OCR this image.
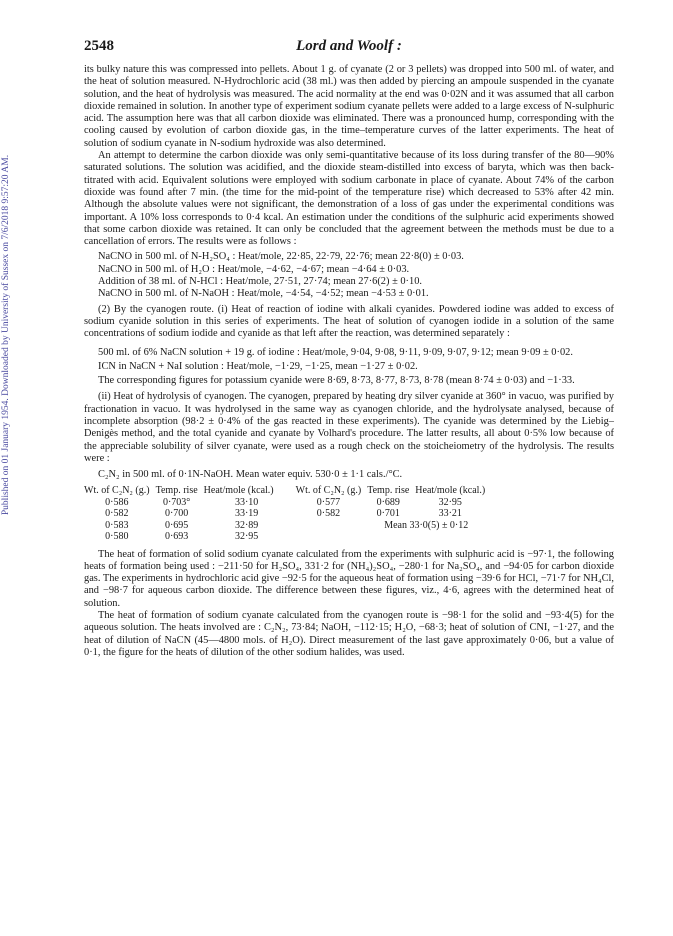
Published on 01 January 1954. Downloaded by University of Sussex on 7/6/2018 9:57:20 AM.
2548	Lord and Woolf :

its bulky nature this was compressed into pellets. About 1 g. of cyanate (2 or 3 pellets) was dropped into 500 ml. of water, and the heat of solution measured. N-Hydrochloric acid (38 ml.) was then added by piercing an ampoule suspended in the cyanate solution, and the heat of hydrolysis was measured. The acid normality at the end was 0·02N and it was assumed that all carbon dioxide remained in solution. In another type of experiment sodium cyanate pellets were added to a large excess of N-sulphuric acid. The assumption here was that all carbon dioxide was eliminated. There was a pronounced hump, corresponding with the cooling caused by evolution of carbon dioxide gas, in the time–temperature curves of the latter experiments. The heat of solution of sodium cyanate in N-sodium hydroxide was also determined.

An attempt to determine the carbon dioxide was only semi-quantitative because of its loss during transfer of the 80—90% saturated solutions. The solution was acidified, and the dioxide steam-distilled into excess of baryta, which was then back-titrated with acid. Equivalent solutions were employed with sodium carbonate in place of cyanate. About 74% of the carbon dioxide was found after 7 min. (the time for the mid-point of the temperature rise) which decreased to 53% after 42 min. Although the absolute values were not significant, the demonstration of a loss of gas under the experimental conditions was important. A 10% loss corresponds to 0·4 kcal. An estimation under the conditions of the sulphuric acid experiments showed that some carbon dioxide was retained. It can only be concluded that the agreement between the methods must be due to a cancellation of errors. The results were as follows :

NaCNO in 500 ml. of N-H₂SO₄ : Heat/mole, 22·85, 22·79, 22·76; mean 22·8(0) ± 0·03.
NaCNO in 500 ml. of H₂O : Heat/mole, −4·62, −4·67; mean −4·64 ± 0·03.
Addition of 38 ml. of N-HCl : Heat/mole, 27·51, 27·74; mean 27·6(2) ± 0·10.
NaCNO in 500 ml. of N-NaOH : Heat/mole, −4·54, −4·52; mean −4·53 ± 0·01.

(2) By the cyanogen route. (i) Heat of reaction of iodine with alkali cyanides. Powdered iodine was added to excess of sodium cyanide solution in this series of experiments. The heat of solution of cyanogen iodide in a solution of the same concentrations of sodium iodide and cyanide as that left after the reaction, was determined separately :

500 ml. of 6% NaCN solution + 19 g. of iodine : Heat/mole, 9·04, 9·08, 9·11, 9·09, 9·07, 9·12; mean 9·09 ± 0·02.
ICN in NaCN + NaI solution : Heat/mole, −1·29, −1·25, mean −1·27 ± 0·02.

The corresponding figures for potassium cyanide were 8·69, 8·73, 8·77, 8·73, 8·78 (mean 8·74 ± 0·03) and −1·33.

(ii) Heat of hydrolysis of cyanogen. The cyanogen, prepared by heating dry silver cyanide at 360° in vacuo, was purified by fractionation in vacuo. It was hydrolysed in the same way as cyanogen chloride, and the hydrolysate analysed, because of incomplete absorption (98·2 ± 0·4% of the gas reacted in these experiments). The cyanide was determined by the Liebig–Denigès method, and the total cyanide and cyanate by Volhard's procedure. The latter results, all about 0·5% low because of the appreciable solubility of silver cyanate, were used as a rough check on the stoicheiometry of the hydrolysis. The results were :

C₂N₂ in 500 ml. of 0·1N-NaOH. Mean water equiv. 530·0 ± 1·1 cals./°C.

Wt. of C₂N₂ (g.)	Temp. rise	Heat/mole (kcal.)	Wt. of C₂N₂ (g.)	Temp. rise	Heat/mole (kcal.)
0·586	0·703°	33·10	0·577	0·689	32·95
0·582	0·700	33·19	0·582	0·701	33·21
0·583	0·695	32·89		Mean 33·0(5) ± 0·12	
0·580	0·693	32·95			

The heat of formation of solid sodium cyanate calculated from the experiments with sulphuric acid is −97·1, the following heats of formation being used : −211·50 for H₂SO₄, 331·2 for (NH₄)₂SO₄, −280·1 for Na₂SO₄, and −94·05 for carbon dioxide gas. The experiments in hydrochloric acid give −92·5 for the aqueous heat of formation using −39·6 for HCl, −71·7 for NH₄Cl, and −98·7 for aqueous carbon dioxide. The difference between these figures, viz., 4·6, agrees with the determined heat of solution.

The heat of formation of sodium cyanate calculated from the cyanogen route is −98·1 for the solid and −93·4(5) for the aqueous solution. The heats involved are : C₂N₂, 73·84; NaOH, −112·15; H₂O, −68·3; heat of solution of CNI, −1·27, and the heat of dilution of NaCN (45—4800 mols. of H₂O). Direct measurement of the last gave approximately 0·06, but a value of 0·1, the figure for the heats of dilution of the other sodium halides, was used.
